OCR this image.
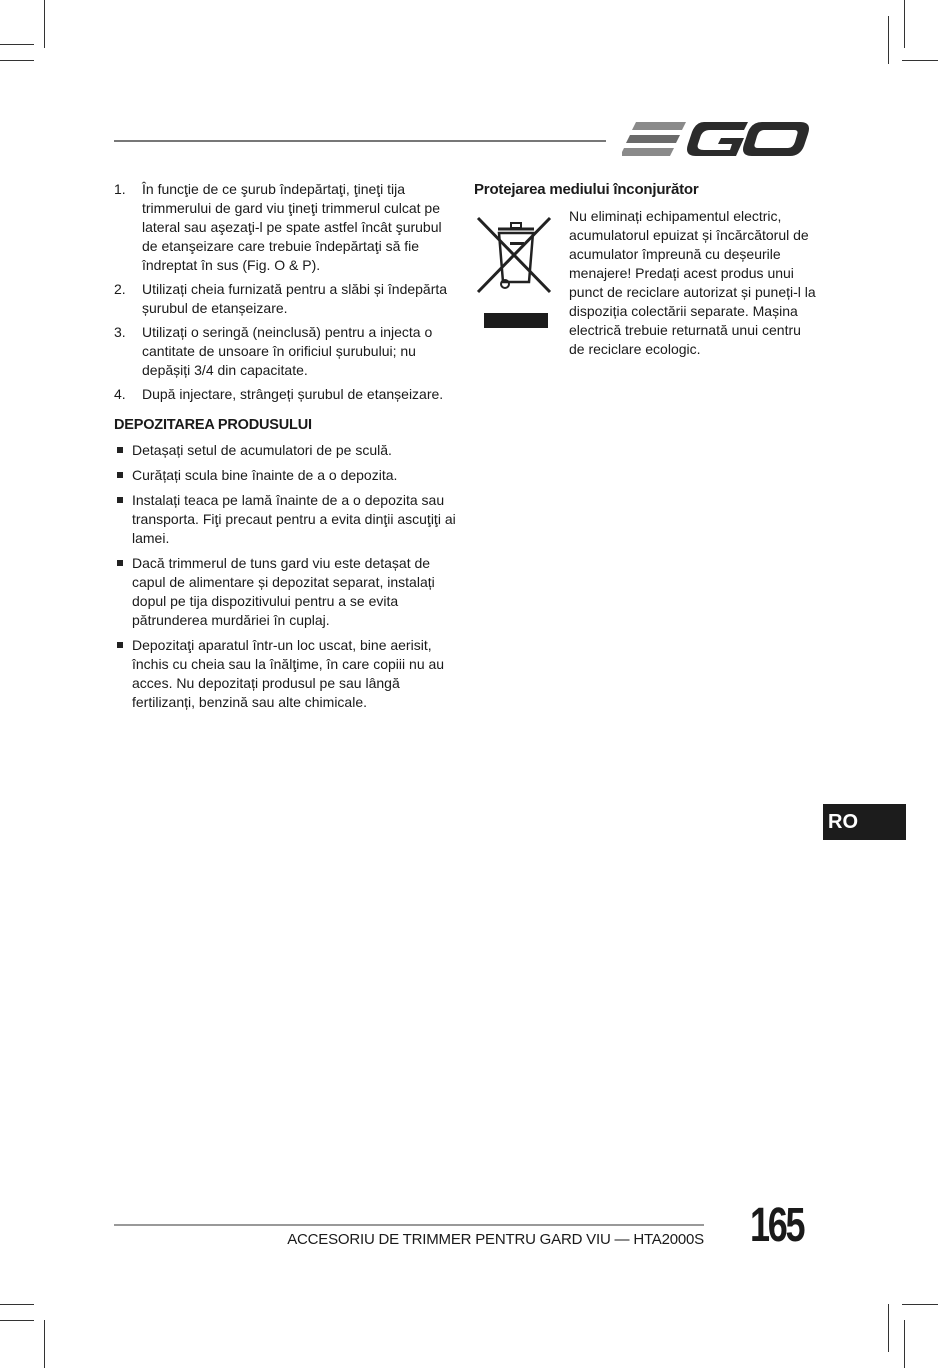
1. În funcţie de ce şurub îndepărtaţi, ţineţi tija trimmerului de gard viu ţineţi trimmerul culcat pe lateral sau aşezaţi-l pe spate astfel încât şurubul de etanşeizare care trebuie îndepărtaţi să fie îndreptat în sus (Fig. O & P).
2. Utilizați cheia furnizată pentru a slăbi și îndepărta șurubul de etanșeizare.
3. Utilizați o seringă (neinclusă) pentru a injecta o cantitate de unsoare în orificiul șurubului; nu depășiți 3/4 din capacitate.
4. După injectare, strângeți șurubul de etanșeizare.
DEPOZITAREA PRODUSULUI
Detașați setul de acumulatori de pe sculă.
Curățați scula bine înainte de a o depozita.
Instalați teaca pe lamă înainte de a o depozita sau transporta. Fiţi precaut pentru a evita dinţii ascuţiţi ai lamei.
Dacă trimmerul de tuns gard viu este detașat de capul de alimentare și depozitat separat, instalați dopul pe tija dispozitivului pentru a se evita pătrunderea murdăriei în cuplaj.
Depozitaţi aparatul într-un loc uscat, bine aerisit, închis cu cheia sau la înălţime, în care copiii nu au acces. Nu depozitați produsul pe sau lângă fertilizanți, benzină sau alte chimicale.
Protejarea mediului înconjurător
Nu eliminați echipamentul electric, acumulatorul epuizat și încărcătorul de acumulator împreună cu deșeurile menajere! Predați acest produs unui punct de reciclare autorizat și puneți-l la dispoziția colectării separate. Mașina electrică trebuie returnată unui centru de reciclare ecologic.
RO
ACCESORIU DE TRIMMER PENTRU GARD VIU — HTA2000S 165
